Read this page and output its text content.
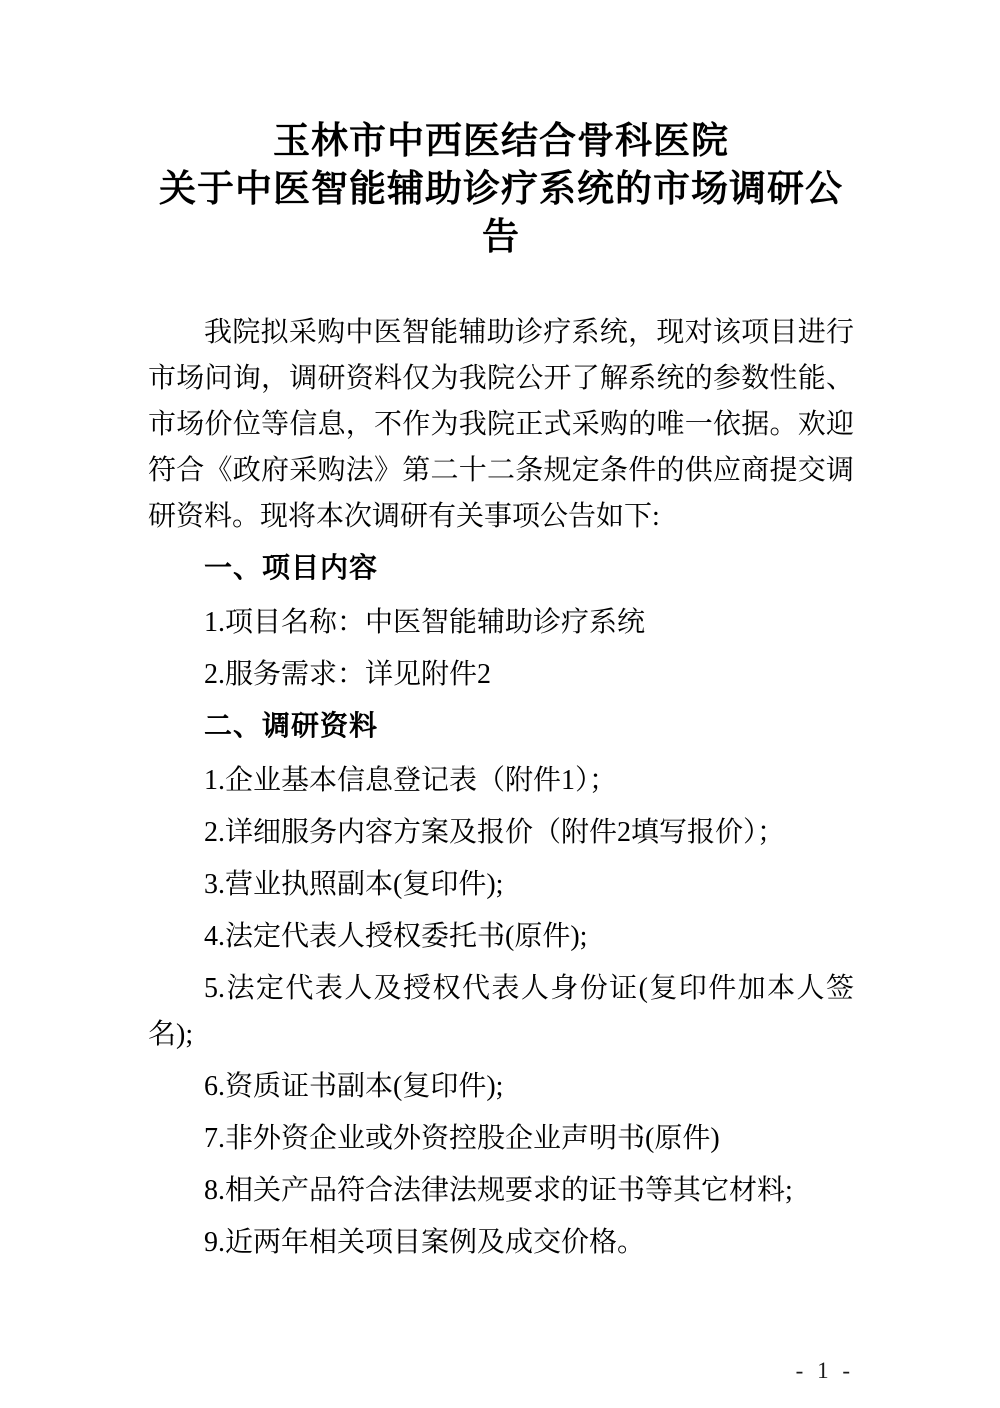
玉林市中西医结合骨科医院
关于中医智能辅助诊疗系统的市场调研公
告

我院拟采购中医智能辅助诊疗系统，现对该项目进行市场问询，调研资料仅为我院公开了解系统的参数性能、市场价位等信息，不作为我院正式采购的唯一依据。欢迎符合《政府采购法》第二十二条规定条件的供应商提交调研资料。现将本次调研有关事项公告如下:

一、项目内容

1.项目名称：中医智能辅助诊疗系统

2.服务需求：详见附件2

二、调研资料

1.企业基本信息登记表（附件1）；

2.详细服务内容方案及报价（附件2填写报价）；

3.营业执照副本(复印件);

4.法定代表人授权委托书(原件);

5.法定代表人及授权代表人身份证(复印件加本人签名);

6.资质证书副本(复印件);

7.非外资企业或外资控股企业声明书(原件)

8.相关产品符合法律法规要求的证书等其它材料;

9.近两年相关项目案例及成交价格。

- 1 -
